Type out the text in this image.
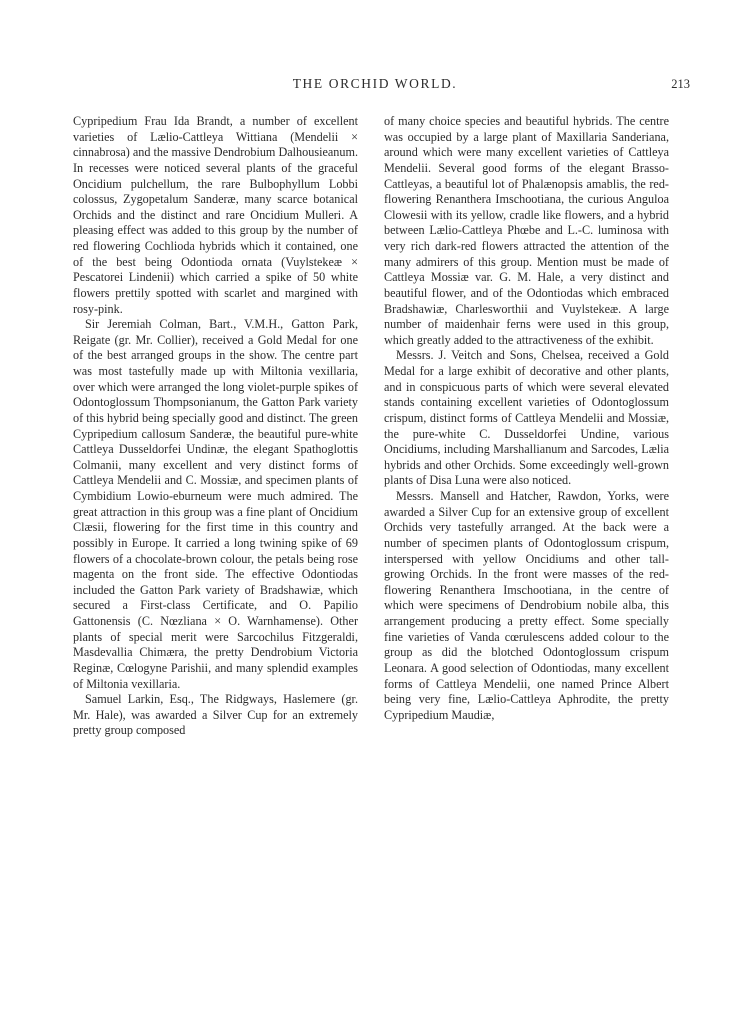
THE ORCHID WORLD.	213

Cypripedium Frau Ida Brandt, a number of excellent varieties of Lælio-Cattleya Wittiana (Mendelii × cinnabrosa) and the massive Dendrobium Dalhousieanum. In recesses were noticed several plants of the graceful Oncidium pulchellum, the rare Bulbophyllum Lobbi colossus, Zygopetalum Sanderæ, many scarce botanical Orchids and the distinct and rare Oncidium Mulleri. A pleasing effect was added to this group by the number of red flowering Cochlioda hybrids which it contained, one of the best being Odontioda ornata (Vuylstekeæ × Pescatorei Lindenii) which carried a spike of 50 white flowers prettily spotted with scarlet and margined with rosy-pink.

Sir Jeremiah Colman, Bart., V.M.H., Gatton Park, Reigate (gr. Mr. Collier), received a Gold Medal for one of the best arranged groups in the show. The centre part was most tastefully made up with Miltonia vexillaria, over which were arranged the long violet-purple spikes of Odontoglossum Thompsonianum, the Gatton Park variety of this hybrid being specially good and distinct. The green Cypripedium callosum Sanderæ, the beautiful pure-white Cattleya Dusseldorfei Undinæ, the elegant Spathoglottis Colmanii, many excellent and very distinct forms of Cattleya Mendelii and C. Mossiæ, and specimen plants of Cymbidium Lowio-eburneum were much admired. The great attraction in this group was a fine plant of Oncidium Clæsii, flowering for the first time in this country and possibly in Europe. It carried a long twining spike of 69 flowers of a chocolate-brown colour, the petals being rose magenta on the front side. The effective Odontiodas included the Gatton Park variety of Bradshawiæ, which secured a First-class Certificate, and O. Papilio Gattonensis (C. Nœzliana × O. Warnhamense). Other plants of special merit were Sarcochilus Fitzgeraldi, Masdevallia Chimæra, the pretty Dendrobium Victoria Reginæ, Cœlogyne Parishii, and many splendid examples of Miltonia vexillaria.

Samuel Larkin, Esq., The Ridgways, Haslemere (gr. Mr. Hale), was awarded a Silver Cup for an extremely pretty group composed

of many choice species and beautiful hybrids. The centre was occupied by a large plant of Maxillaria Sanderiana, around which were many excellent varieties of Cattleya Mendelii. Several good forms of the elegant Brasso-Cattleyas, a beautiful lot of Phalænopsis amablis, the red-flowering Renanthera Imschootiana, the curious Anguloa Clowesii with its yellow, cradle like flowers, and a hybrid between Lælio-Cattleya Phœbe and L.-C. luminosa with very rich dark-red flowers attracted the attention of the many admirers of this group. Mention must be made of Cattleya Mossiæ var. G. M. Hale, a very distinct and beautiful flower, and of the Odontiodas which embraced Bradshawiæ, Charlesworthii and Vuylstekeæ. A large number of maidenhair ferns were used in this group, which greatly added to the attractiveness of the exhibit.

Messrs. J. Veitch and Sons, Chelsea, received a Gold Medal for a large exhibit of decorative and other plants, and in conspicuous parts of which were several elevated stands containing excellent varieties of Odontoglossum crispum, distinct forms of Cattleya Mendelii and Mossiæ, the pure-white C. Dusseldorfei Undine, various Oncidiums, including Marshallianum and Sarcodes, Lælia hybrids and other Orchids. Some exceedingly well-grown plants of Disa Luna were also noticed.

Messrs. Mansell and Hatcher, Rawdon, Yorks, were awarded a Silver Cup for an extensive group of excellent Orchids very tastefully arranged. At the back were a number of specimen plants of Odontoglossum crispum, interspersed with yellow Oncidiums and other tall-growing Orchids. In the front were masses of the red-flowering Renanthera Imschootiana, in the centre of which were specimens of Dendrobium nobile alba, this arrangement producing a pretty effect. Some specially fine varieties of Vanda cœrulescens added colour to the group as did the blotched Odontoglossum crispum Leonara. A good selection of Odontiodas, many excellent forms of Cattleya Mendelii, one named Prince Albert being very fine, Lælio-Cattleya Aphrodite, the pretty Cypripedium Maudiæ,
